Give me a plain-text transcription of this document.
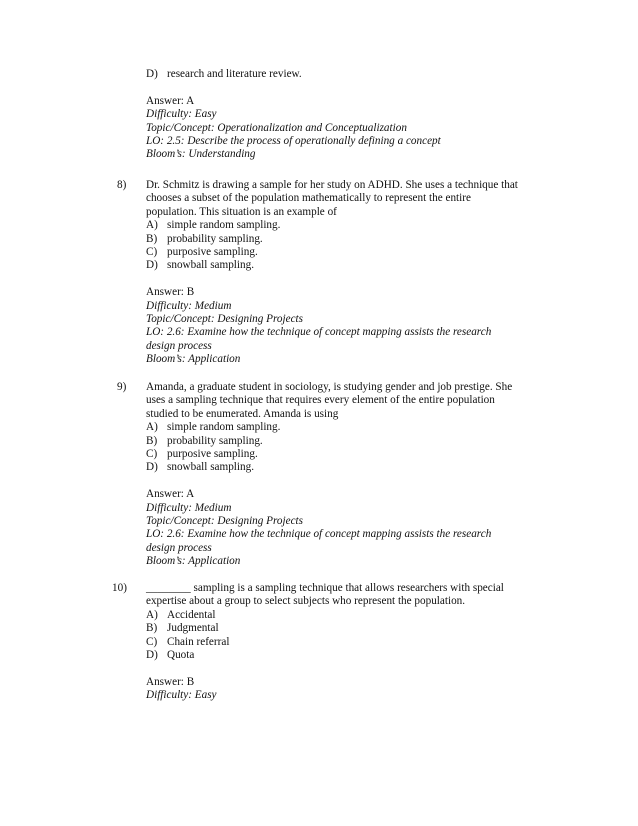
D) research and literature review.
Answer: A
Difficulty: Easy
Topic/Concept: Operationalization and Conceptualization
LO: 2.5: Describe the process of operationally defining a concept
Bloom’s: Understanding
8) Dr. Schmitz is drawing a sample for her study on ADHD. She uses a technique that
chooses a subset of the population mathematically to represent the entire
population. This situation is an example of
A) simple random sampling.
B) probability sampling.
C) purposive sampling.
D) snowball sampling.
Answer: B
Difficulty: Medium
Topic/Concept: Designing Projects
LO: 2.6: Examine how the technique of concept mapping assists the research
design process
Bloom’s: Application
9) Amanda, a graduate student in sociology, is studying gender and job prestige. She
uses a sampling technique that requires every element of the entire population
studied to be enumerated. Amanda is using
A) simple random sampling.
B) probability sampling.
C) purposive sampling.
D) snowball sampling.
Answer: A
Difficulty: Medium
Topic/Concept: Designing Projects
LO: 2.6: Examine how the technique of concept mapping assists the research
design process
Bloom’s: Application
10) ________ sampling is a sampling technique that allows researchers with special
expertise about a group to select subjects who represent the population.
A) Accidental
B) Judgmental
C) Chain referral
D) Quota
Answer: B
Difficulty: Easy
